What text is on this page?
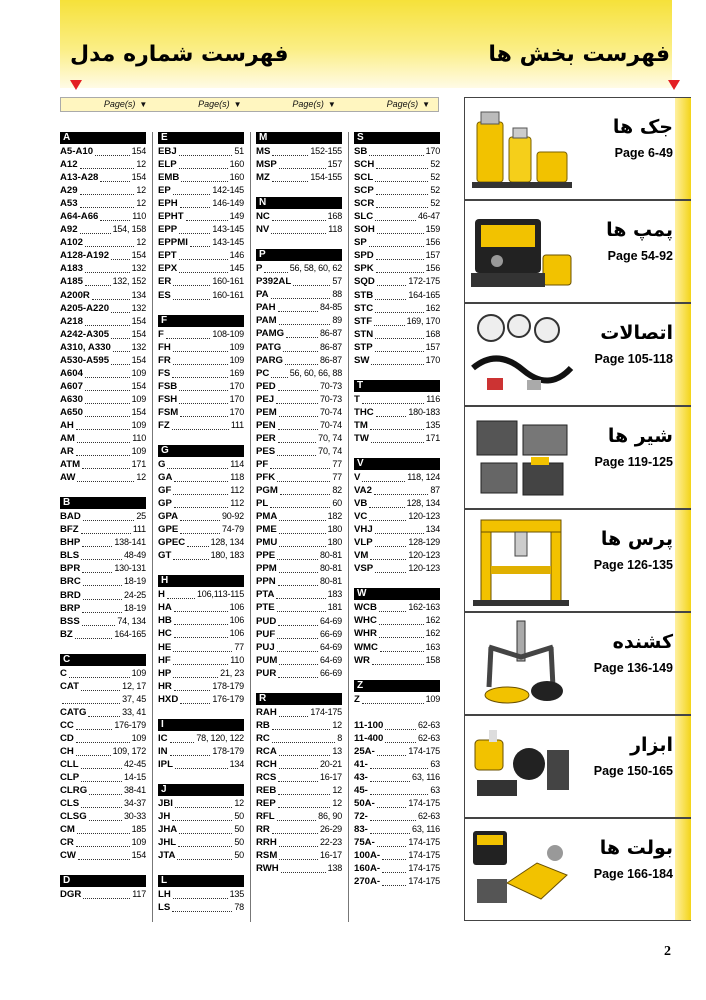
فهرست شماره مدل	فهرست بخش ها
Page(s) ▼	Page(s) ▼	Page(s) ▼	Page(s) ▼
A
A5-A10	154
A12	12
A13-A28	154
A29	12
A53	12
A64-A66	110
A92	154, 158
A102	12
A128-A192	154
A183	132
A185	132, 152
A200R	134
A205-A220	132
A218	154
A242-A305	154
A310, A330 132
A530-A595	154
A604	109
A607	154
A630	109
A650	154
AH	109
AM	110
AR	109
ATM	171
AW	12
B
BAD	25
BFZ	111
BHP	138-141
BLS	48-49
BPR	130-131
BRC	18-19
BRD	24-25
BRP	18-19
BSS	74, 134
BZ	164-165
C
C	109
CAT	12, 17
37, 45
CATG	33, 41
CC	176-179
CD	109
CH	109, 172
CLL	42-45
CLP	14-15
CLRG	38-41
CLS	34-37
CLSG	30-33
CM	185
CR	109
CW	154
D
DGR	117
E
EBJ	51
ELP	160
EMB	160
EP	142-145
EPH	146-149
EPHT	149
EPP	143-145
EPPMI	143-145
EPT	146
EPX	145
ER	160-161
ES	160-161
F
F	108-109
FH	109
FR	109
FS	169
FSB	170
FSH	170
FSM	170
FZ	111
G
G	114
GA	118
GF	112
GP	112
GPA	90-92
GPE	74-79
GPEC	128, 134
GT	180, 183
H
H	106,113-115
HA	106
HB	106
HC	106
HE	77
HF	110
HP	21, 23
HR	178-179
HXD	176-179
I
IC	78, 120, 122
IN	178-179
IPL	134
J
JBI	12
JH	50
JHA	50
JHL	50
JTA	50
L
LH	135
LS	78
M
MS	152-155
MSP	157
MZ	154-155
N
NC	168
NV	118
P
P	56, 58, 60, 62
P392AL	57
PA	88
PAH	84-85
PAM	89
PAMG	86-87
PATG	86-87
PARG	86-87
PC 56, 60, 66, 88
PED	70-73
PEJ	70-73
PEM	70-74
PEN	70-74
PER	70, 74
PES	70, 74
PF	77
PFK	77
PGM	82
PL	60
PMA	182
PME	180
PMU	180
PPE	80-81
PPM	80-81
PPN	80-81
PTA	183
PTE	181
PUD	64-69
PUF	66-69
PUJ	64-69
PUM	64-69
PUR	66-69
R
RAH	174-175
RB	12
RC	8
RCA	13
RCH	20-21
RCS	16-17
REB	12
REP	12
RFL	86, 90
RR	26-29
RRH	22-23
RSM	16-17
RWH	138
S
SB	170
SCH	52
SCL	52
SCP	52
SCR	52
SLC	46-47
SOH	159
SP	156
SPD	157
SPK	156
SQD	172-175
STB	164-165
STC	162
STF	169, 170
STN	168
STP	157
SW	170
T
T	116
THC	180-183
TM	135
TW	171
V
V	118, 124
VA2	87
VB	128, 134
VC	120-123
VHJ	134
VLP	128-129
VM	120-123
VSP	120-123
W
WCB	162-163
WHC	162
WHR	162
WMC	163
WR	158
Z
Z	109
11-100	62-63
11-400	62-63
25A-	174-175
41-	63
43-	63, 116
45-	63
50A-	174-175
72-	62-63
83-	63, 116
75A-	174-175
100A-	174-175
160A-	174-175
270A-	174-175
جک ها
Page 6-49
پمپ ها
Page 54-92
اتصالات
Page 105-118
شیر ها
Page 119-125
پرس ها
Page 126-135
کشنده
Page 136-149
ابزار
Page 150-165
بولت ها
Page 166-184
2
